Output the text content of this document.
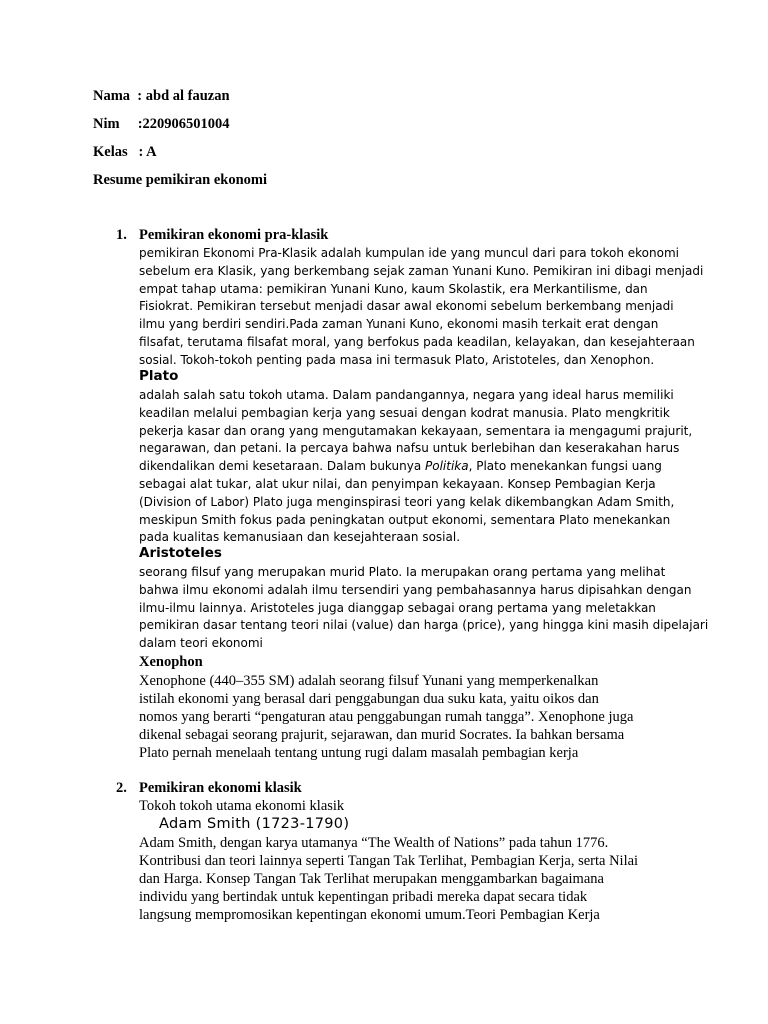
Nama  : abd al fauzan
Nim     :220906501004
Kelas   : A
Resume pemikiran ekonomi
1. Pemikiran ekonomi pra-klasik
pemikiran Ekonomi Pra-Klasik adalah kumpulan ide yang muncul dari para tokoh ekonomi
sebelum era Klasik, yang berkembang sejak zaman Yunani Kuno. Pemikiran ini dibagi menjadi
empat tahap utama: pemikiran Yunani Kuno, kaum Skolastik, era Merkantilisme, dan
Fisiokrat. Pemikiran tersebut menjadi dasar awal ekonomi sebelum berkembang menjadi
ilmu yang berdiri sendiri.Pada zaman Yunani Kuno, ekonomi masih terkait erat dengan
filsafat, terutama filsafat moral, yang berfokus pada keadilan, kelayakan, dan kesejahteraan
sosial. Tokoh-tokoh penting pada masa ini termasuk Plato, Aristoteles, dan Xenophon.
Plato
adalah salah satu tokoh utama. Dalam pandangannya, negara yang ideal harus memiliki
keadilan melalui pembagian kerja yang sesuai dengan kodrat manusia. Plato mengkritik
pekerja kasar dan orang yang mengutamakan kekayaan, sementara ia mengagumi prajurit,
negarawan, dan petani. Ia percaya bahwa nafsu untuk berlebihan dan keserakahan harus
dikendalikan demi kesetaraan. Dalam bukunya Politika, Plato menekankan fungsi uang
sebagai alat tukar, alat ukur nilai, dan penyimpan kekayaan. Konsep Pembagian Kerja
(Division of Labor) Plato juga menginspirasi teori yang kelak dikembangkan Adam Smith,
meskipun Smith fokus pada peningkatan output ekonomi, sementara Plato menekankan
pada kualitas kemanusiaan dan kesejahteraan sosial.
Aristoteles
seorang filsuf yang merupakan murid Plato. Ia merupakan orang pertama yang melihat
bahwa ilmu ekonomi adalah ilmu tersendiri yang pembahasannya harus dipisahkan dengan
ilmu-ilmu lainnya. Aristoteles juga dianggap sebagai orang pertama yang meletakkan
pemikiran dasar tentang teori nilai (value) dan harga (price), yang hingga kini masih dipelajari
dalam teori ekonomi
Xenophon
Xenophone (440–355 SM) adalah seorang filsuf Yunani yang memperkenalkan
istilah ekonomi yang berasal dari penggabungan dua suku kata, yaitu oikos dan
nomos yang berarti “pengaturan atau penggabungan rumah tangga”. Xenophone juga
dikenal sebagai seorang prajurit, sejarawan, dan murid Socrates. Ia bahkan bersama
Plato pernah menelaah tentang untung rugi dalam masalah pembagian kerja
2. Pemikiran ekonomi klasik
Tokoh tokoh utama ekonomi klasik
Adam Smith (1723-1790)
Adam Smith, dengan karya utamanya “The Wealth of Nations” pada tahun 1776.
Kontribusi dan teori lainnya seperti Tangan Tak Terlihat, Pembagian Kerja, serta Nilai
dan Harga. Konsep Tangan Tak Terlihat merupakan menggambarkan bagaimana
individu yang bertindak untuk kepentingan pribadi mereka dapat secara tidak
langsung mempromosikan kepentingan ekonomi umum.Teori Pembagian Kerja
